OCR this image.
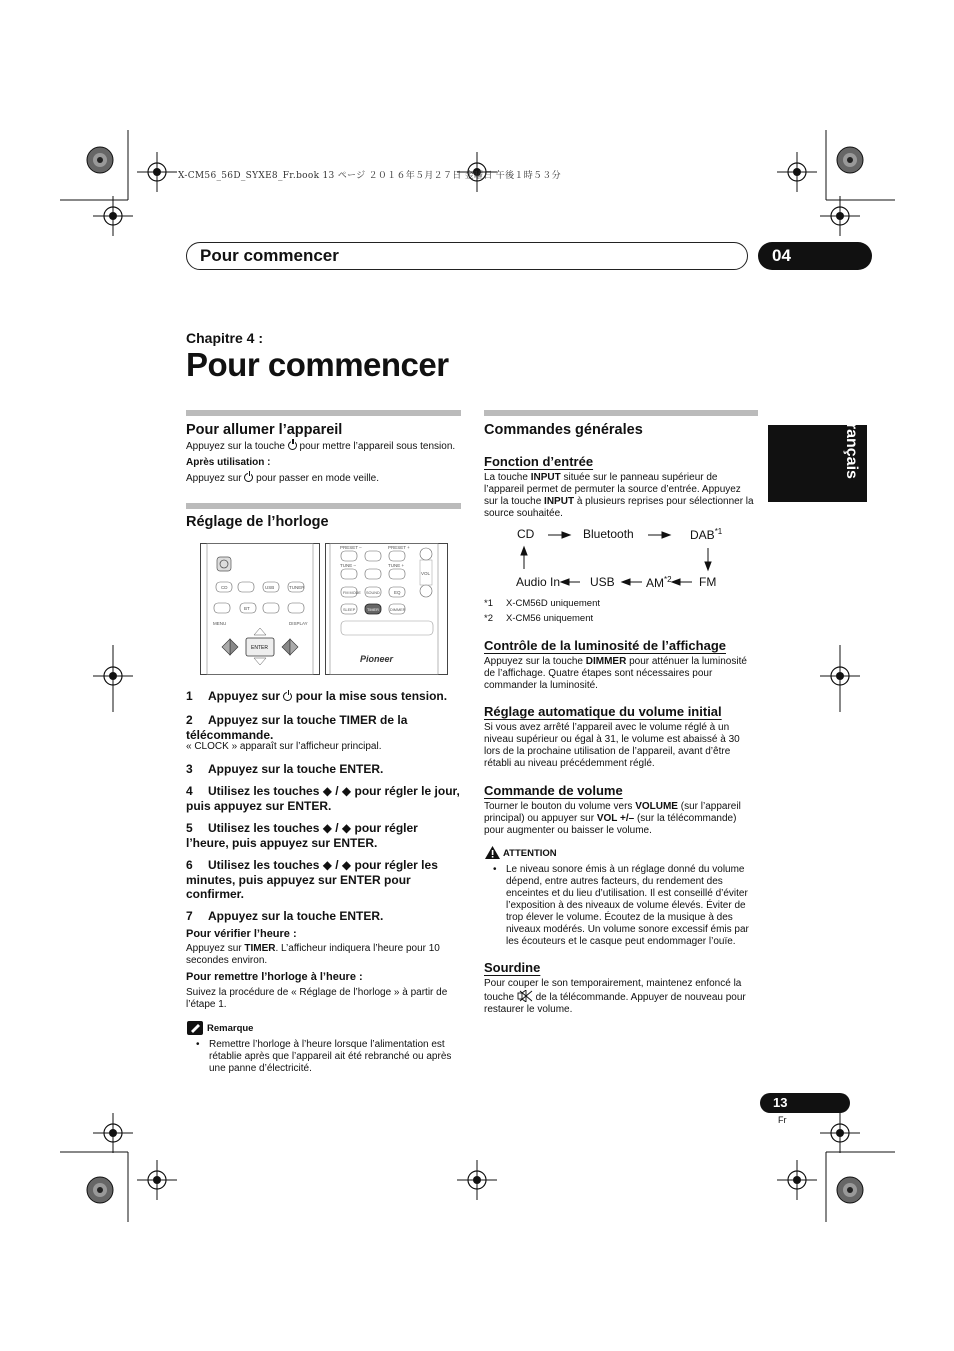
X-CM56_56D_SYXE8_Fr.book 13 ページ ２０１６年５月２７日 金曜日 午後１時５３分
Pour commencer	04
Français
Chapitre 4 :
Pour commencer
Pour allumer l’appareil
Appuyez sur la touche  pour mettre l’appareil sous tension.
Après utilisation :
Appuyez sur  pour passer en mode veille.
Réglage de l’horloge
CD	USB	TUNER
BT
MENU	DISPLAY
ENTER
PRESET –	PRESET +
TUNE –	TUNE +
FM MODE SOUND	EQ
SLEEP	TIMER	DIMMER
VOL
Pioneer
1 Appuyez sur  pour la mise sous tension.
2 Appuyez sur la touche TIMER de la télécommande.
« CLOCK » apparaît sur l’afficheur principal.
3 Appuyez sur la touche ENTER.
4 Utilisez les touches ◆ / ◆ pour régler le jour, puis appuyez sur ENTER.
5 Utilisez les touches ◆ / ◆ pour régler l’heure, puis appuyez sur ENTER.
6 Utilisez les touches ◆ / ◆ pour régler les minutes, puis appuyez sur ENTER pour confirmer.
7 Appuyez sur la touche ENTER.
Pour vérifier l’heure :
Appuyez sur TIMER. L’afficheur indiquera l’heure pour 10 secondes environ.
Pour remettre l’horloge à l’heure :
Suivez la procédure de « Réglage de l’horloge » à partir de l’étape 1.
Remarque
• Remettre l’horloge à l’heure lorsque l’alimentation est rétablie après que l’appareil ait été rebranché ou après une panne d’électricité.
Commandes générales
Fonction d’entrée
La touche INPUT située sur le panneau supérieur de l’appareil permet de permuter la source d’entrée. Appuyez sur la touche INPUT à plusieurs reprises pour sélectionner la source souhaitée.
CD	Bluetooth	DAB$^{*1}$
Audio In USB	AM$^{*2}$ FM
*1 X-CM56D uniquement
*2 X-CM56 uniquement
Contrôle de la luminosité de l’affichage
Appuyez sur la touche DIMMER pour atténuer la luminosité de l’affichage. Quatre étapes sont nécessaires pour commander la luminosité.
Réglage automatique du volume initial
Si vous avez arrêté l’appareil avec le volume réglé à un niveau supérieur ou égal à 31, le volume est abaissé à 30 lors de la prochaine utilisation de l’appareil, avant d’être rétabli au niveau précédemment réglé.
Commande de volume
Tourner le bouton du volume vers VOLUME (sur l’appareil principal) ou appuyer sur VOL +/– (sur la télécommande) pour augmenter ou baisser le volume.
ATTENTION
• Le niveau sonore émis à un réglage donné du volume dépend, entre autres facteurs, du rendement des enceintes et du lieu d’utilisation. Il est conseillé d’éviter l’exposition à des niveaux de volume élevés. Éviter de trop élever le volume. Écoutez de la musique à des niveaux modérés. Un volume sonore excessif émis par les écouteurs et le casque peut endommager l’ouïe.
Sourdine
Pour couper le son temporairement, maintenez enfoncé la touche  de la télécommande. Appuyer de nouveau pour restaurer le volume.
13
Fr
